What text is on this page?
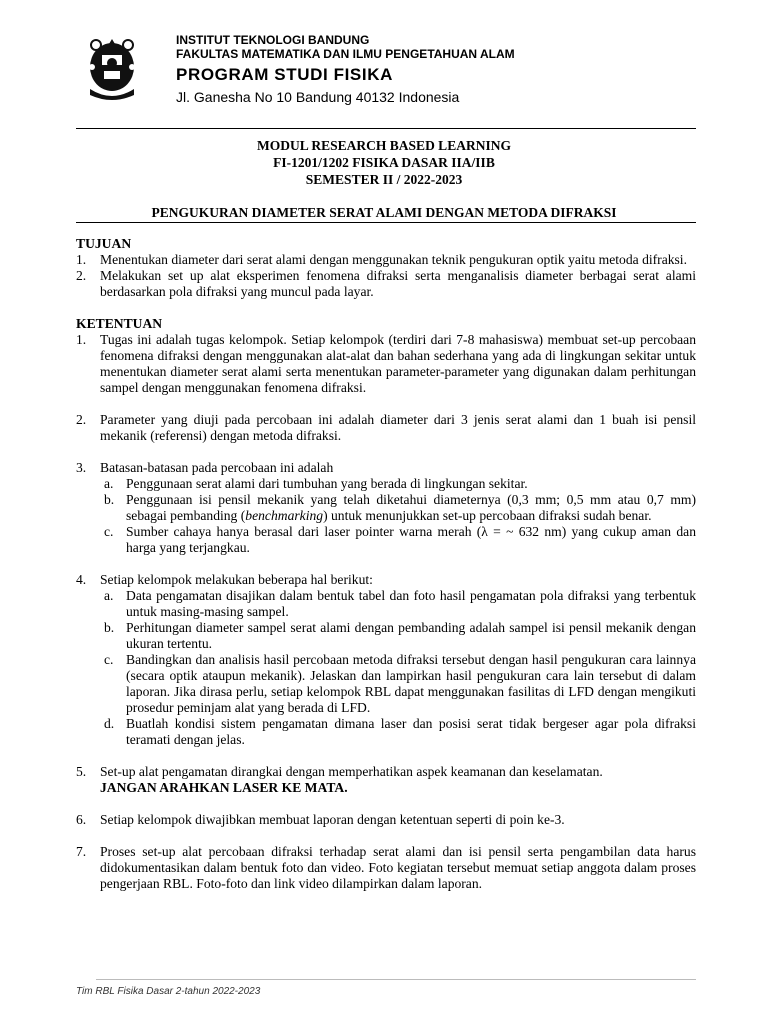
INSTITUT TEKNOLOGI BANDUNG
FAKULTAS MATEMATIKA DAN ILMU PENGETAHUAN ALAM
PROGRAM STUDI FISIKA
Jl. Ganesha No 10 Bandung 40132 Indonesia
MODUL RESEARCH BASED LEARNING
FI-1201/1202 FISIKA DASAR IIA/IIB
SEMESTER II / 2022-2023
PENGUKURAN DIAMETER SERAT ALAMI DENGAN METODA DIFRAKSI
TUJUAN
1. Menentukan diameter dari serat alami dengan menggunakan teknik pengukuran optik yaitu metoda difraksi.
2. Melakukan set up alat eksperimen fenomena difraksi serta menganalisis diameter berbagai serat alami berdasarkan pola difraksi yang muncul pada layar.
KETENTUAN
1. Tugas ini adalah tugas kelompok. Setiap kelompok (terdiri dari 7-8 mahasiswa) membuat set-up percobaan fenomena difraksi dengan menggunakan alat-alat dan bahan sederhana yang ada di lingkungan sekitar untuk menentukan diameter serat alami serta menentukan parameter-parameter yang digunakan dalam perhitungan sampel dengan menggunakan fenomena difraksi.
2. Parameter yang diuji pada percobaan ini adalah diameter dari 3 jenis serat alami dan 1 buah isi pensil mekanik (referensi) dengan metoda difraksi.
3. Batasan-batasan pada percobaan ini adalah
a. Penggunaan serat alami dari tumbuhan yang berada di lingkungan sekitar.
b. Penggunaan isi pensil mekanik yang telah diketahui diameternya (0,3 mm; 0,5 mm atau 0,7 mm) sebagai pembanding (benchmarking) untuk menunjukkan set-up percobaan difraksi sudah benar.
c. Sumber cahaya hanya berasal dari laser pointer warna merah (λ = ~ 632 nm) yang cukup aman dan harga yang terjangkau.
4. Setiap kelompok melakukan beberapa hal berikut:
a. Data pengamatan disajikan dalam bentuk tabel dan foto hasil pengamatan pola difraksi yang terbentuk untuk masing-masing sampel.
b. Perhitungan diameter sampel serat alami dengan pembanding adalah sampel isi pensil mekanik dengan ukuran tertentu.
c. Bandingkan dan analisis hasil percobaan metoda difraksi tersebut dengan hasil pengukuran cara lainnya (secara optik ataupun mekanik). Jelaskan dan lampirkan hasil pengukuran cara lain tersebut di dalam laporan. Jika dirasa perlu, setiap kelompok RBL dapat menggunakan fasilitas di LFD dengan mengikuti prosedur peminjam alat yang berada di LFD.
d. Buatlah kondisi sistem pengamatan dimana laser dan posisi serat tidak bergeser agar pola difraksi teramati dengan jelas.
5. Set-up alat pengamatan dirangkai dengan memperhatikan aspek keamanan dan keselamatan.
JANGAN ARAHKAN LASER KE MATA.
6. Setiap kelompok diwajibkan membuat laporan dengan ketentuan seperti di poin ke-3.
7. Proses set-up alat percobaan difraksi terhadap serat alami dan isi pensil serta pengambilan data harus didokumentasikan dalam bentuk foto dan video. Foto kegiatan tersebut memuat setiap anggota dalam proses pengerjaan RBL. Foto-foto dan link video dilampirkan dalam laporan.
Tim RBL Fisika Dasar 2-tahun 2022-2023
